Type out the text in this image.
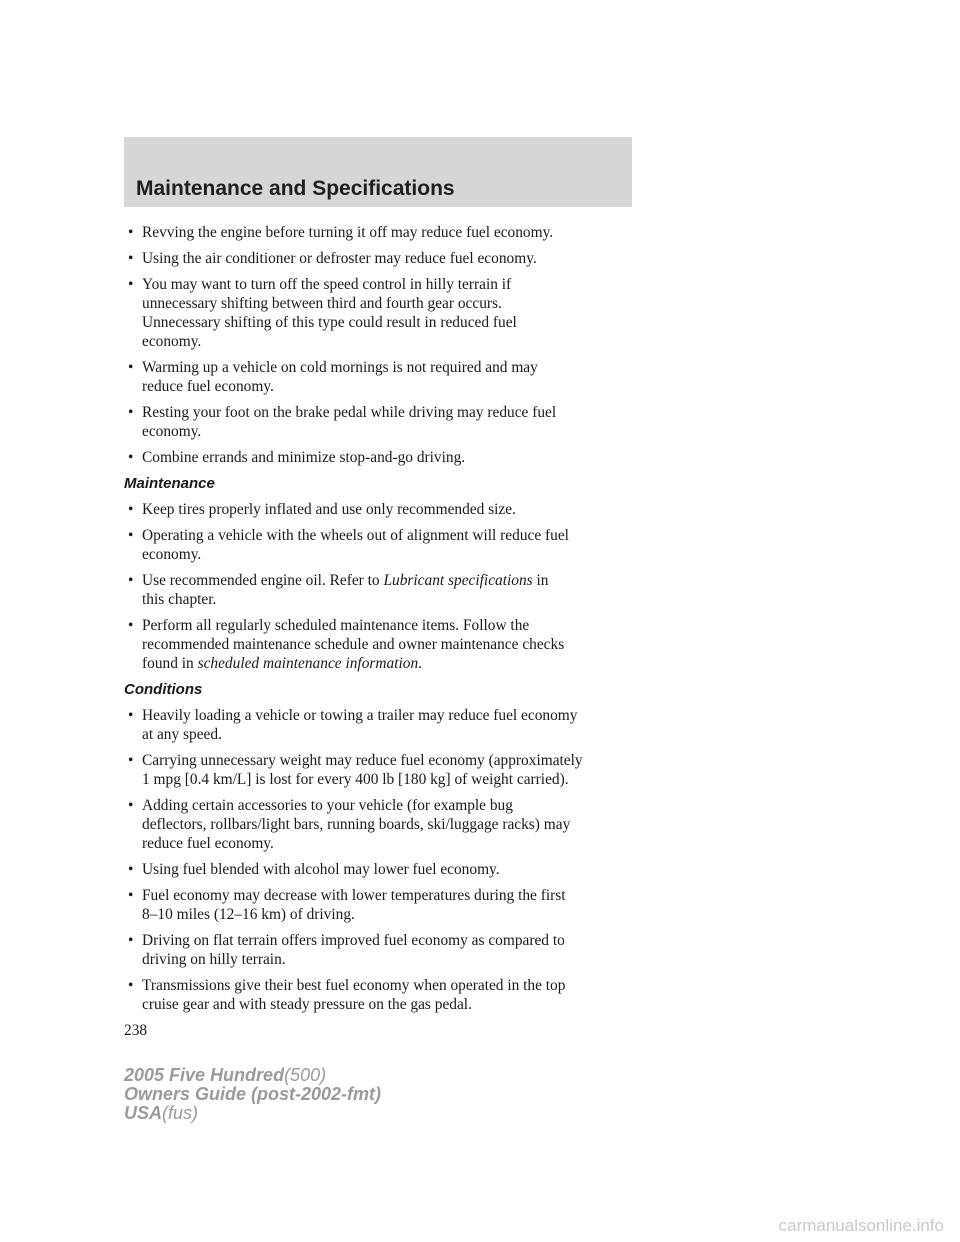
Maintenance and Specifications
• Revving the engine before turning it off may reduce fuel economy.
• Using the air conditioner or defroster may reduce fuel economy.
• You may want to turn off the speed control in hilly terrain if
unnecessary shifting between third and fourth gear occurs.
Unnecessary shifting of this type could result in reduced fuel
economy.
• Warming up a vehicle on cold mornings is not required and may
reduce fuel economy.
• Resting your foot on the brake pedal while driving may reduce fuel
economy.
• Combine errands and minimize stop-and-go driving.
Maintenance
• Keep tires properly inflated and use only recommended size.
• Operating a vehicle with the wheels out of alignment will reduce fuel
economy.
• Use recommended engine oil. Refer to Lubricant specifications in
this chapter.
• Perform all regularly scheduled maintenance items. Follow the
recommended maintenance schedule and owner maintenance checks
found in scheduled maintenance information.
Conditions
• Heavily loading a vehicle or towing a trailer may reduce fuel economy
at any speed.
• Carrying unnecessary weight may reduce fuel economy (approximately
1 mpg [0.4 km/L] is lost for every 400 lb [180 kg] of weight carried).
• Adding certain accessories to your vehicle (for example bug
deflectors, rollbars/light bars, running boards, ski/luggage racks) may
reduce fuel economy.
• Using fuel blended with alcohol may lower fuel economy.
• Fuel economy may decrease with lower temperatures during the first
8–10 miles (12–16 km) of driving.
• Driving on flat terrain offers improved fuel economy as compared to
driving on hilly terrain.
• Transmissions give their best fuel economy when operated in the top
cruise gear and with steady pressure on the gas pedal.
238
2005 Five Hundred(500)
Owners Guide (post-2002-fmt)
USA(fus)
carmanualsonline.info
